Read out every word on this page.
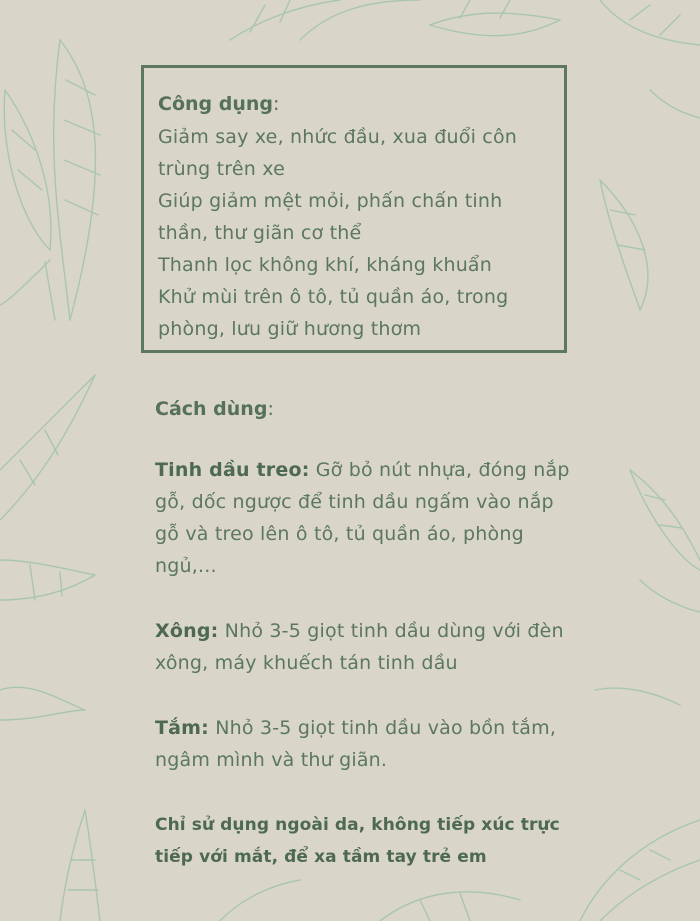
Công dụng:
Giảm say xe, nhức đầu, xua đuổi côn
trùng trên xe
Giúp giảm mệt mỏi, phấn chấn tinh
thần, thư giãn cơ thể
Thanh lọc không khí, kháng khuẩn
Khử mùi trên ô tô, tủ quần áo, trong
phòng, lưu giữ hương thơm
Cách dùng:
Tinh dầu treo: Gỡ bỏ nút nhựa, đóng nắp gỗ, dốc ngược để tinh dầu ngấm vào nắp gỗ và treo lên ô tô, tủ quần áo, phòng ngủ,...
Xông: Nhỏ 3-5 giọt tinh dầu dùng với đèn xông, máy khuếch tán tinh dầu
Tắm: Nhỏ 3-5 giọt tinh dầu vào bồn tắm, ngâm mình và thư giãn.
Chỉ sử dụng ngoài da, không tiếp xúc trực tiếp với mắt, để xa tầm tay trẻ em
